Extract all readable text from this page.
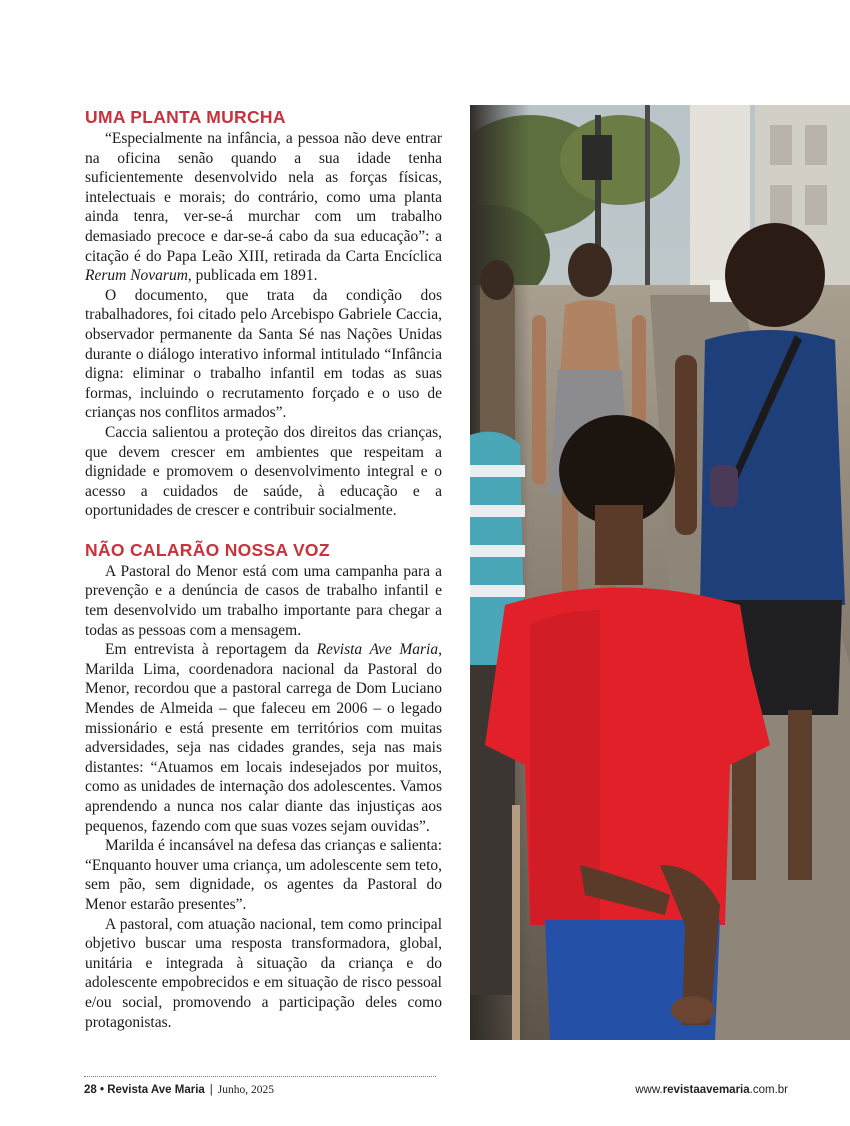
UMA PLANTA MURCHA

“Especialmente na infância, a pessoa não deve entrar na oficina senão quando a sua idade tenha suficientemente desenvolvido nela as forças físicas, intelectuais e morais; do contrário, como uma planta ainda tenra, ver-se-á murchar com um trabalho demasiado precoce e dar-se-á cabo da sua educação”: a citação é do Papa Leão XIII, retirada da Carta Encíclica Rerum Novarum, publicada em 1891.

O documento, que trata da condição dos trabalhadores, foi citado pelo Arcebispo Gabriele Caccia, observador permanente da Santa Sé nas Nações Unidas durante o diálogo interativo informal intitulado “Infância digna: eliminar o trabalho infantil em todas as suas formas, incluindo o recrutamento forçado e o uso de crianças nos conflitos armados”.

Caccia salientou a proteção dos direitos das crianças, que devem crescer em ambientes que respeitam a dignidade e promovem o desenvolvimento integral e o acesso a cuidados de saúde, à educação e a oportunidades de crescer e contribuir socialmente.

NÃO CALARÃO NOSSA VOZ

A Pastoral do Menor está com uma campanha para a prevenção e a denúncia de casos de trabalho infantil e tem desenvolvido um trabalho importante para chegar a todas as pessoas com a mensagem.

Em entrevista à reportagem da Revista Ave Maria, Marilda Lima, coordenadora nacional da Pastoral do Menor, recordou que a pastoral carrega de Dom Luciano Mendes de Almeida – que faleceu em 2006 – o legado missionário e está presente em territórios com muitas adversidades, seja nas cidades grandes, seja nas mais distantes: “Atuamos em locais indesejados por muitos, como as unidades de internação dos adolescentes. Vamos aprendendo a nunca nos calar diante das injustiças aos pequenos, fazendo com que suas vozes sejam ouvidas”.

Marilda é incansável na defesa das crianças e salienta: “Enquanto houver uma criança, um adolescente sem teto, sem pão, sem dignidade, os agentes da Pastoral do Menor estarão presentes”.

A pastoral, com atuação nacional, tem como principal objetivo buscar uma resposta transformadora, global, unitária e integrada à situação da criança e do adolescente empobrecidos e em situação de risco pessoal e/ou social, promovendo a participação deles como protagonistas.

28 • Revista Ave Maria | Junho, 2025	www.revistaavemaria.com.br
